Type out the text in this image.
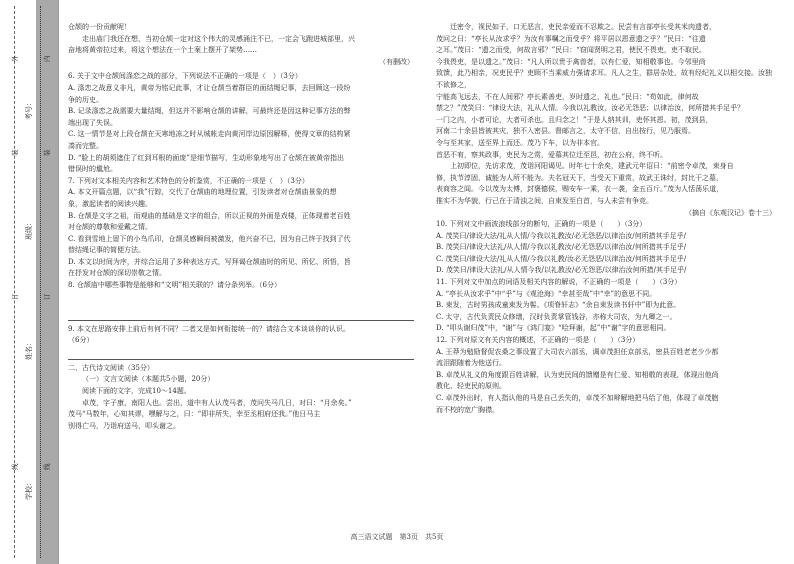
外
装
订
线
学校：
姓名：
班级：
考号：
内
装
订
线

仓颉的一份贡献呢！

走出庙门我还在想，当初仓颉一定对这个伟大的灵感涌注不已，一定会飞跑进城部里，兴

奋地将黄帝拉过来，将这个想法在一个土案上摆开了架势……

（有删改）

6. 关于文中仓颉间涤恋之战的部分，下列说法不正确的一项是（　）（3分）

A. 涤恋之战意义非凡，黄帝为铭记此事，才让仓颉当着群臣的面结绳记事，去回顾这一段纷

争的历史。

B. 记录涤恋之战需要大量结绳，但这并不影响仓颉的讲解，可最终还是因这种记事方法的弊

端出现了失误。

C. 这一情节是对上段仓颉在天寒地冻之时从城帐走向黄河岸边原因解释，使得文章的结构紧

凑而完整。

D. “脸上的胡须遮住了红到耳根的面庞”是细节描写，生动形象地写出了仓颉在被黄帝指出

错误时的尴尬。

7. 下列对文本相关内容和艺术特色的分析鉴赏，不正确的一项是（　）（3分）

A. 本文开篇点题，以“我”行踪，交代了仓颉庙的地理位置，引发读者对仓颉庙景象的想

象，激起读者的阅读兴趣。

B. 仓颉是文字之祖，而观庙的基础是文字的组合，所以正视的外面是戏楼，正体现着老百姓

对仓颉的尊敬和爱戴之情。

C. 看到雪地上留下的小鸟爪印，仓颉灵感瞬间被激发，他兴奋不已，因为自己终于找到了代

替结绳记事的简便方法。

D. 本文以时间为序，并综合运用了多种表达方式，写拜谒仓颉庙时的所见、所忆、所悟，旨

在抒发对仓颉的深切崇敬之情。

8. 仓颉庙中哪些事物是能够和“文明”相关联的？请分条列举。（6分）

9. 本文在思路安排上前后有何不同？二者又是如何衔接统一的？请结合文本谈谈你的认识。

（6分）

二、古代诗文阅读（35分）

（一）文言文阅读（本题共5小题，20分）

阅读下面的文字，完成10～14题。

卓茂，字子康，南阳人也。尝出，道中有人认茂马者，茂问失马几日，对曰：“月余矣。”

茂马“马数年，心知其谬，嘿解与之，曰：“即非所失，幸至丞相府还我。”他日马主

别得亡马，乃诣府送马，叩头谢之。

迁密令，视民如子，口无恶言，吏民亲爱而不忍欺之。民尝有言部亭长受其米肉遗者，

茂问之曰：“亭长从汝求乎？为汝有事嘱之而受乎？将平居以恩意遗之乎？”民曰：“往遗

之耳。”茂曰：“遗之而受，何故言邪？”民曰：“窃闻贤明之君，使民不畏吏，吏不取民。

今我畏吏，是以遗之。”茂曰：“凡人所以贵于禽兽者，以有仁爱，知相敬事也。今邻里尚

致馈，此乃相亲，况吏民乎？吏顾不当乘威力强请求耳。凡人之生，群居杂处，故有经纪礼义以相交接。汝独不欲修之，

宁能高飞远去，不在人间邪？亭长素善吏，岁时遗之，礼也。”民曰：“苟如此，律何故

禁之？”茂笑曰：“律设大法，礼从人情。今我以礼教汝，汝必无怨恶；以律治汝，何所措其手足乎？

一门之内，小者可论，大者可杀也。且归念之！”于是人纳其训，吏怀其恩。初，茂到县，

河南二十余县皆被其灾，独不入密县。督邮言之，太守不信，自出按行，见乃服焉。

令与至其家，送至界上而还。茂乃下车，以为非本官。

首恶不宥，察其政事，吏民为之赏，爱慕其位迁至邑，初在公府，终不听。

上初即位，先访求茂，茂诣河阳谒见。时年七十余矣，建武元年诏曰：“前密令卓茂，束身自

修，执节淳固，诚能为人所不能为。夫名冠天下，当受天下重赏，故武王诛纣，封比干之墓，

表商容之闾。今以茂为太傅，封褒德侯，赐安车一乘，衣一袭，金五百斤。”茂为人恬荡乐道，

推实不为华貌，行己在于清浊之间，自束发至白首，与人未尝有争竞。

（摘自《东观汉记》卷十三）

10. 下列对文中画波浪线部分的断句，正确的一项是（　　）（3分）

A. 茂笑曰/律设大法/礼从人情/今我以礼教汝/必无怨恶/以律治汝/何所措其手足乎/

B. 茂笑曰/律设大法礼/从人情/今我以礼教汝/必无怨恶/以律治汝/何所措其手足乎/

C. 茂笑曰/律设大法/礼从人情/今我以礼教/汝必无怨恶/以律治汝/何所措其手足乎/

D. 茂笑曰/律设大法礼/从人情今我/以礼教汝/必无怨恶/以律治汝何所措/其手足乎/

11. 下列对文中加点的词语及相关内容的解说，不正确的一项是（　　）（3分）

A. “亭长从汝求乎”中“乎”与《观沧海》“幸甚至哉”中“幸”的意思不同。

B. 束发，古时男孩成童束发为髻。《项脊轩志》“余自束发读书轩中”即为此意。

C. 太守，古代负责民众修缮，汉时负责掌管钱谷，亦称大司农，为九卿之一。

D. “叩头谢归茂”中，“谢”与《鸿门宴》“哙拜谢，起”中“谢”字的意思相同。

12. 下列对原文有关内容的概述，不正确的一项是（　　）（3分）

A. 王莽为勉励督促农桑之事设置了大司农六部丞，调卓茂担任京部丞，密县百姓老老少少都

流泪跟随着为他送行。

B. 卓茂从礼义的角度跟百姓讲解，认为吏民间的馈赠是有仁爱、知相敬的表现，体现出他尚

教化、轻吏民的原则。

C. 卓茂外出时，有人指认他的马是自己丢失的，卓茂不加辩解地把马给了他，体现了卓茂胞

而不校的宽广胸襟。

高三语文试题　第3页　共5页
